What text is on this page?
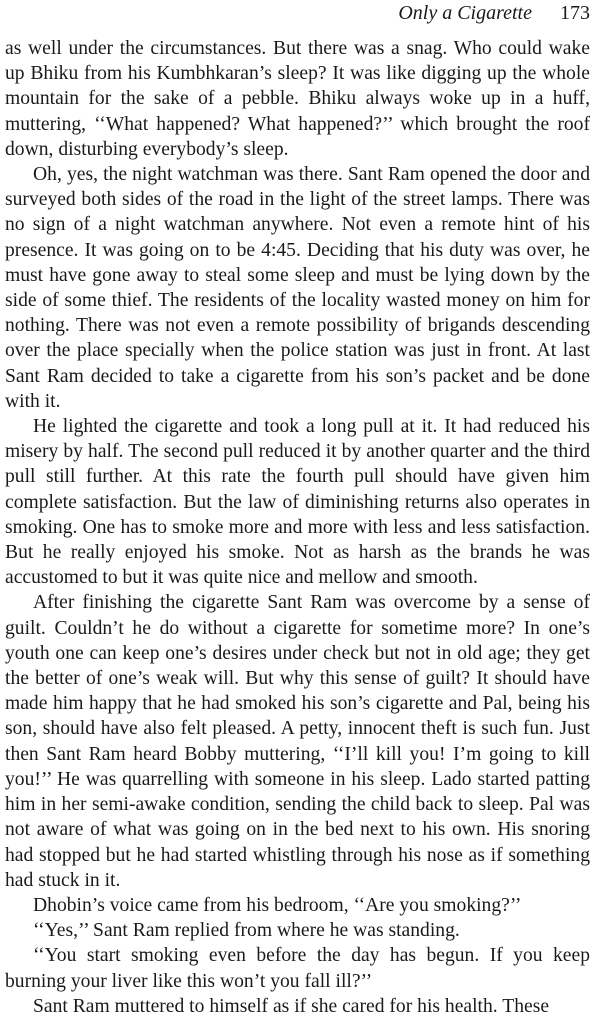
Only a Cigarette 173

as well under the circumstances. But there was a snag. Who could wake up Bhiku from his Kumbhkaran’s sleep? It was like digging up the whole mountain for the sake of a pebble. Bhiku always woke up in a huff, muttering, ‘‘What happened? What happened?’’ which brought the roof down, disturbing everybody’s sleep.

Oh, yes, the night watchman was there. Sant Ram opened the door and surveyed both sides of the road in the light of the street lamps. There was no sign of a night watchman anywhere. Not even a remote hint of his presence. It was going on to be 4:45. Deciding that his duty was over, he must have gone away to steal some sleep and must be lying down by the side of some thief. The residents of the locality wasted money on him for nothing. There was not even a remote possibility of brigands descending over the place specially when the police station was just in front. At last Sant Ram decided to take a cigarette from his son’s packet and be done with it.

He lighted the cigarette and took a long pull at it. It had reduced his misery by half. The second pull reduced it by another quarter and the third pull still further. At this rate the fourth pull should have given him complete satisfaction. But the law of diminishing returns also operates in smoking. One has to smoke more and more with less and less satisfaction. But he really enjoyed his smoke. Not as harsh as the brands he was accustomed to but it was quite nice and mellow and smooth.

After finishing the cigarette Sant Ram was overcome by a sense of guilt. Couldn’t he do without a cigarette for sometime more? In one’s youth one can keep one’s desires under check but not in old age; they get the better of one’s weak will. But why this sense of guilt? It should have made him happy that he had smoked his son’s cigarette and Pal, being his son, should have also felt pleased. A petty, innocent theft is such fun. Just then Sant Ram heard Bobby muttering, ‘‘I’ll kill you! I’m going to kill you!’’ He was quarrelling with someone in his sleep. Lado started patting him in her semi-awake condition, sending the child back to sleep. Pal was not aware of what was going on in the bed next to his own. His snoring had stopped but he had started whistling through his nose as if something had stuck in it.

Dhobin’s voice came from his bedroom, ‘‘Are you smoking?’’

‘‘Yes,’’ Sant Ram replied from where he was standing.

‘‘You start smoking even before the day has begun. If you keep burning your liver like this won’t you fall ill?’’

Sant Ram muttered to himself as if she cared for his health. These
